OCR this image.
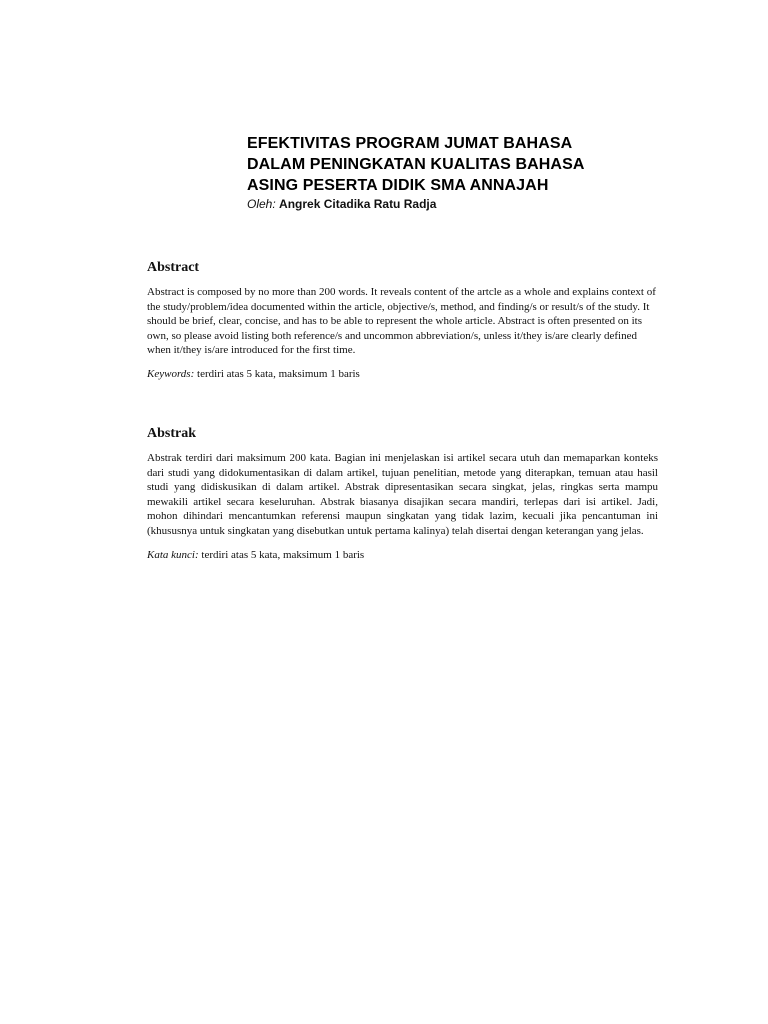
EFEKTIVITAS PROGRAM JUMAT BAHASA
DALAM PENINGKATAN KUALITAS BAHASA
ASING PESERTA DIDIK SMA ANNAJAH
Oleh: Angrek Citadika Ratu Radja
Abstract

Abstract is composed by no more than 200 words. It reveals content of the artcle as a whole and explains context of the study/problem/idea documented within the article, objective/s, method, and finding/s or result/s of the study. It should be brief, clear, concise, and has to be able to represent the whole article. Abstract is often presented on its own, so please avoid listing both reference/s and uncommon abbreviation/s, unless it/they is/are clearly defined when it/they is/are introduced for the first time.

Keywords: terdiri atas 5 kata, maksimum 1 baris
Abstrak

Abstrak terdiri dari maksimum 200 kata. Bagian ini menjelaskan isi artikel secara utuh dan memaparkan konteks dari studi yang didokumentasikan di dalam artikel, tujuan penelitian, metode yang diterapkan, temuan atau hasil studi yang didiskusikan di dalam artikel. Abstrak dipresentasikan secara singkat, jelas, ringkas serta mampu mewakili artikel secara keseluruhan. Abstrak biasanya disajikan secara mandiri, terlepas dari isi artikel. Jadi, mohon dihindari mencantumkan referensi maupun singkatan yang tidak lazim, kecuali jika pencantuman ini (khususnya untuk singkatan yang disebutkan untuk pertama kalinya) telah disertai dengan keterangan yang jelas.

Kata kunci: terdiri atas 5 kata, maksimum 1 baris
